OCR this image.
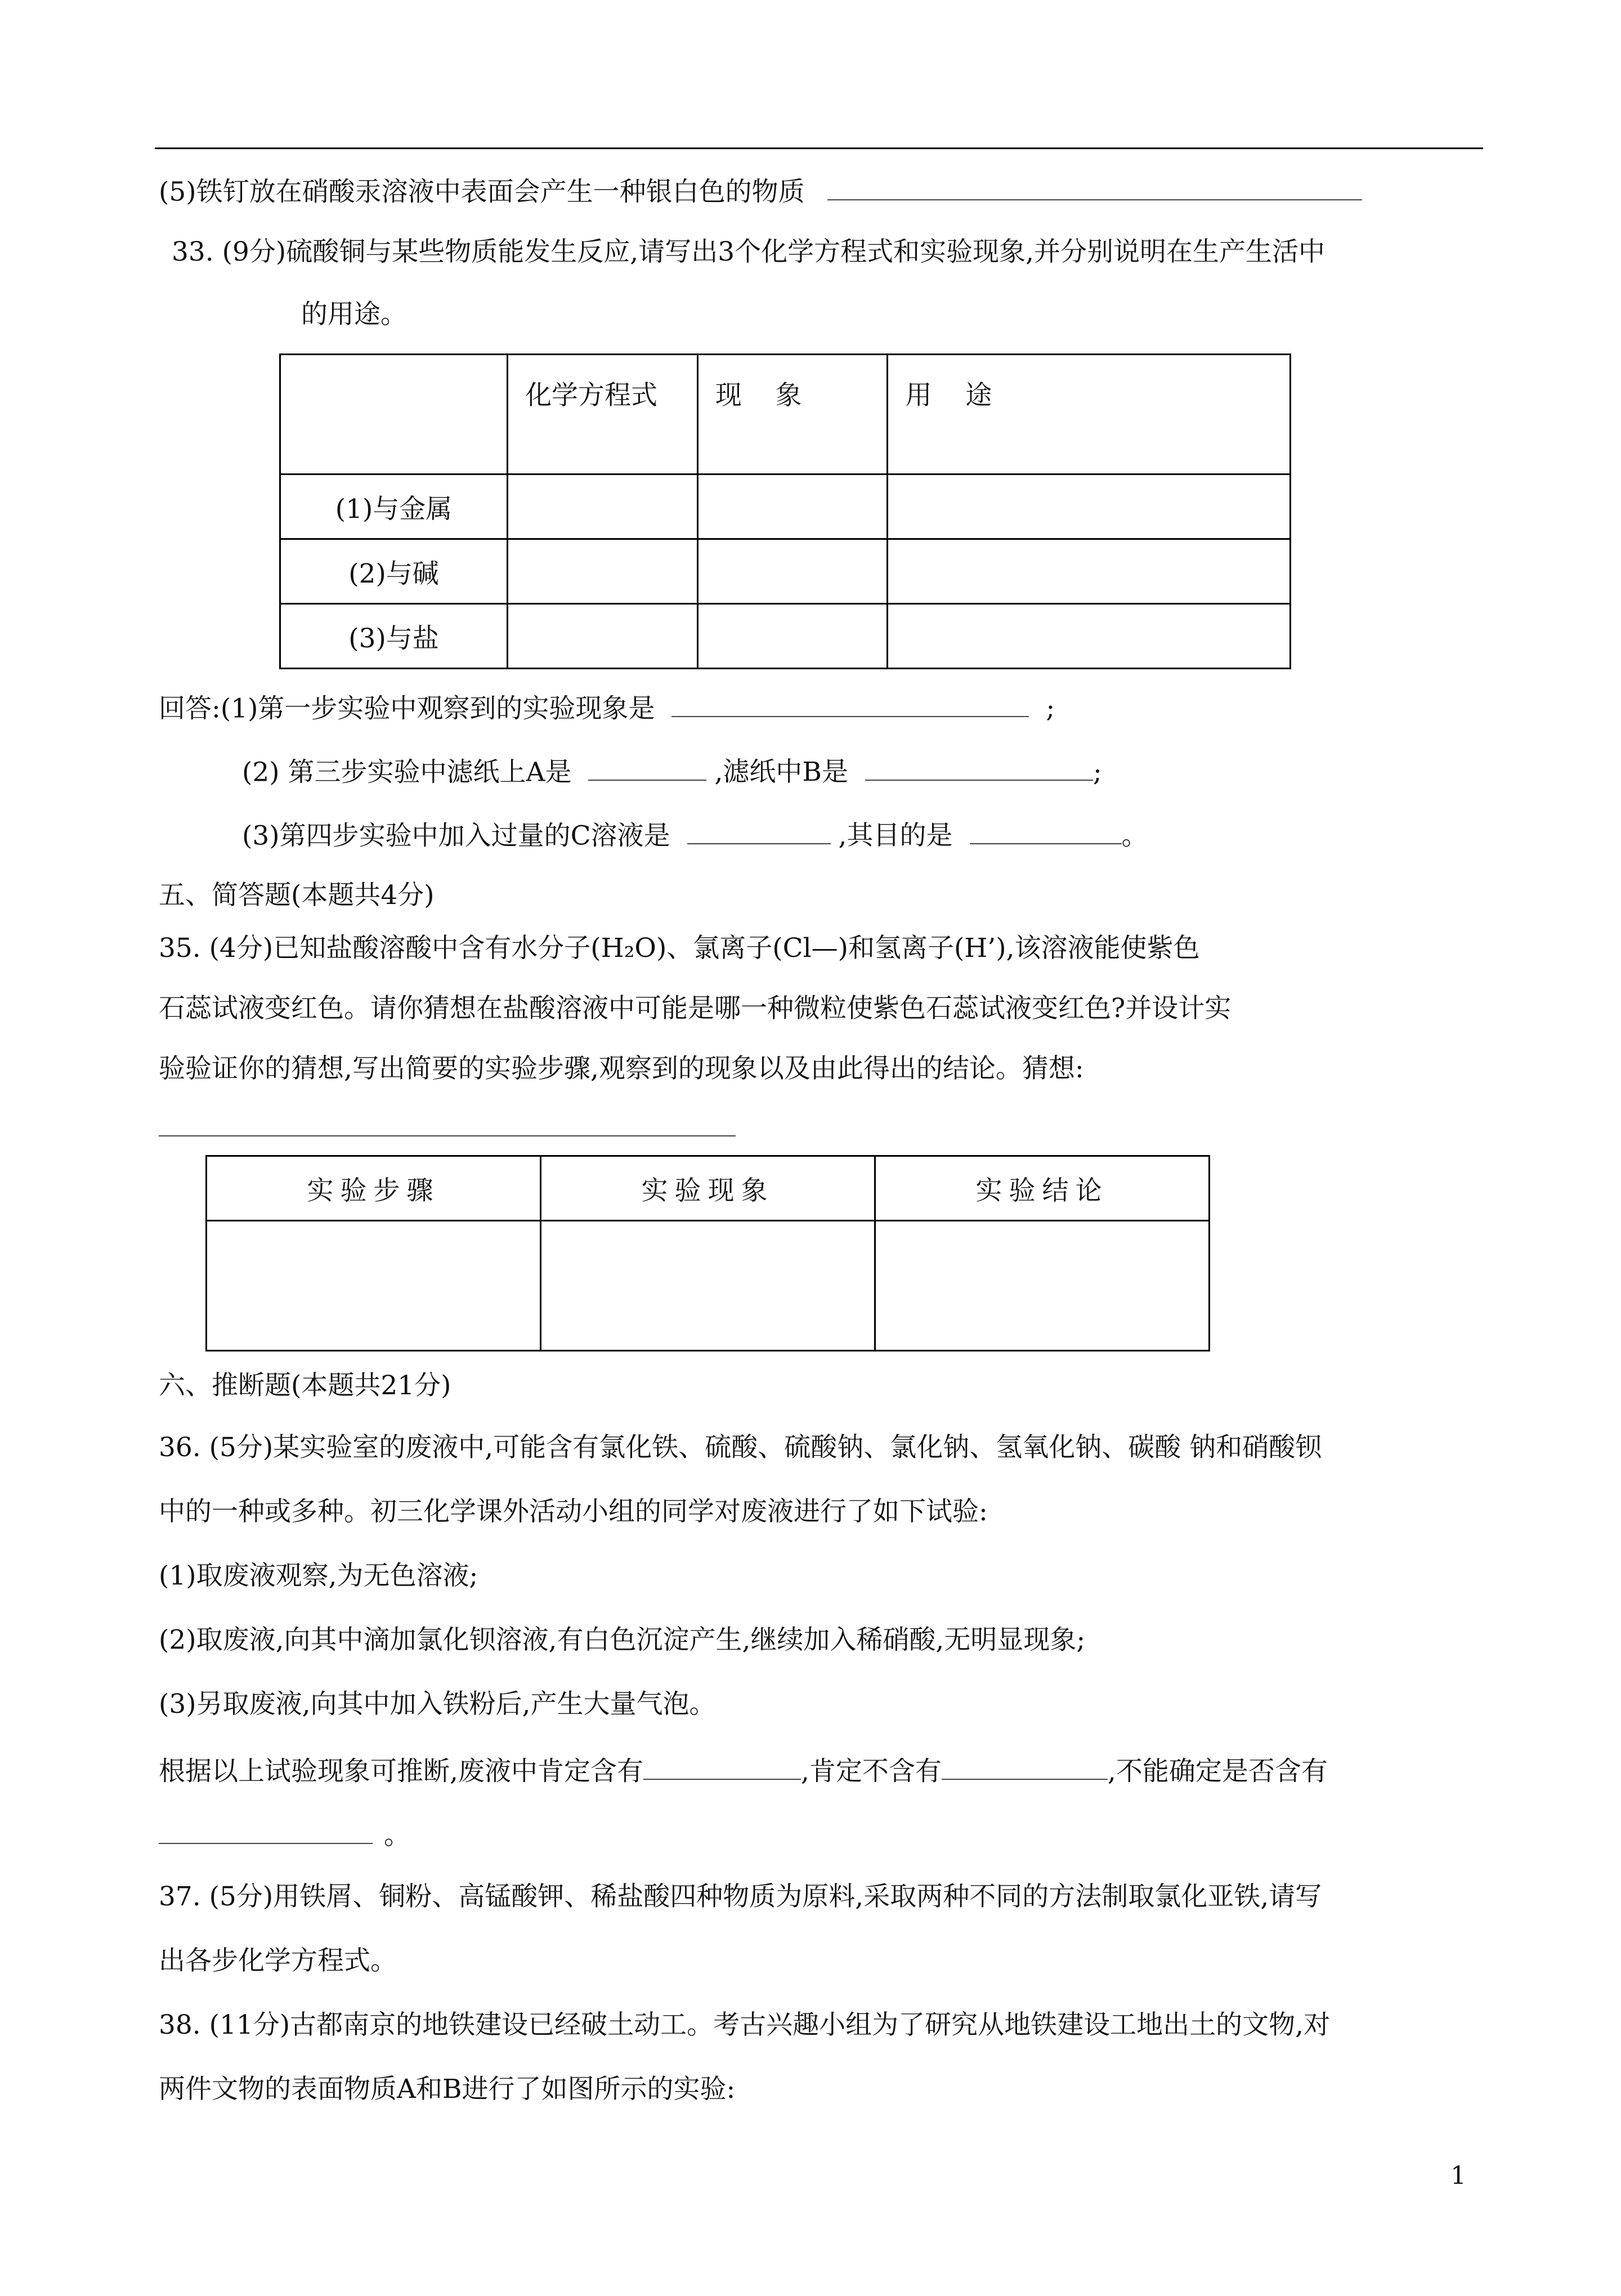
(5)铁钉放在硝酸汞溶液中表面会产生一种银白色的物质
33. (9分)硫酸铜与某些物质能发生反应,请写出3个化学方程式和实验现象,并分别说明在生产生活中
的用途。
	化学方程式	现    象	用    途
(1)与金属			
(2)与碱			
(3)与盐			
回答:(1)第一步实验中观察到的实验现象是	;
(2) 第三步实验中滤纸上A是	,滤纸中B是	;
(3)第四步实验中加入过量的C溶液是	,其目的是	。
五、简答题(本题共4分)
35. (4分)已知盐酸溶酸中含有水分子(H₂O)、氯离子(Cl—)和氢离子(H’),该溶液能使紫色
石蕊试液变红色。请你猜想在盐酸溶液中可能是哪一种微粒使紫色石蕊试液变红色?并设计实
验验证你的猜想,写出简要的实验步骤,观察到的现象以及由此得出的结论。猜想:
实验步骤	实验现象	实验结论

六、推断题(本题共21分)
36. (5分)某实验室的废液中,可能含有氯化铁、硫酸、硫酸钠、氯化钠、氢氧化钠、碳酸 钠和硝酸钡
中的一种或多种。初三化学课外活动小组的同学对废液进行了如下试验:
(1)取废液观察,为无色溶液;
(2)取废液,向其中滴加氯化钡溶液,有白色沉淀产生,继续加入稀硝酸,无明显现象;
(3)另取废液,向其中加入铁粉后,产生大量气泡。
根据以上试验现象可推断,废液中肯定含有	,肯定不含有	,不能确定是否含有
。
37. (5分)用铁屑、铜粉、高锰酸钾、稀盐酸四种物质为原料,采取两种不同的方法制取氯化亚铁,请写
出各步化学方程式。
38. (11分)古都南京的地铁建设已经破土动工。考古兴趣小组为了研究从地铁建设工地出土的文物,对
两件文物的表面物质A和B进行了如图所示的实验:
1
